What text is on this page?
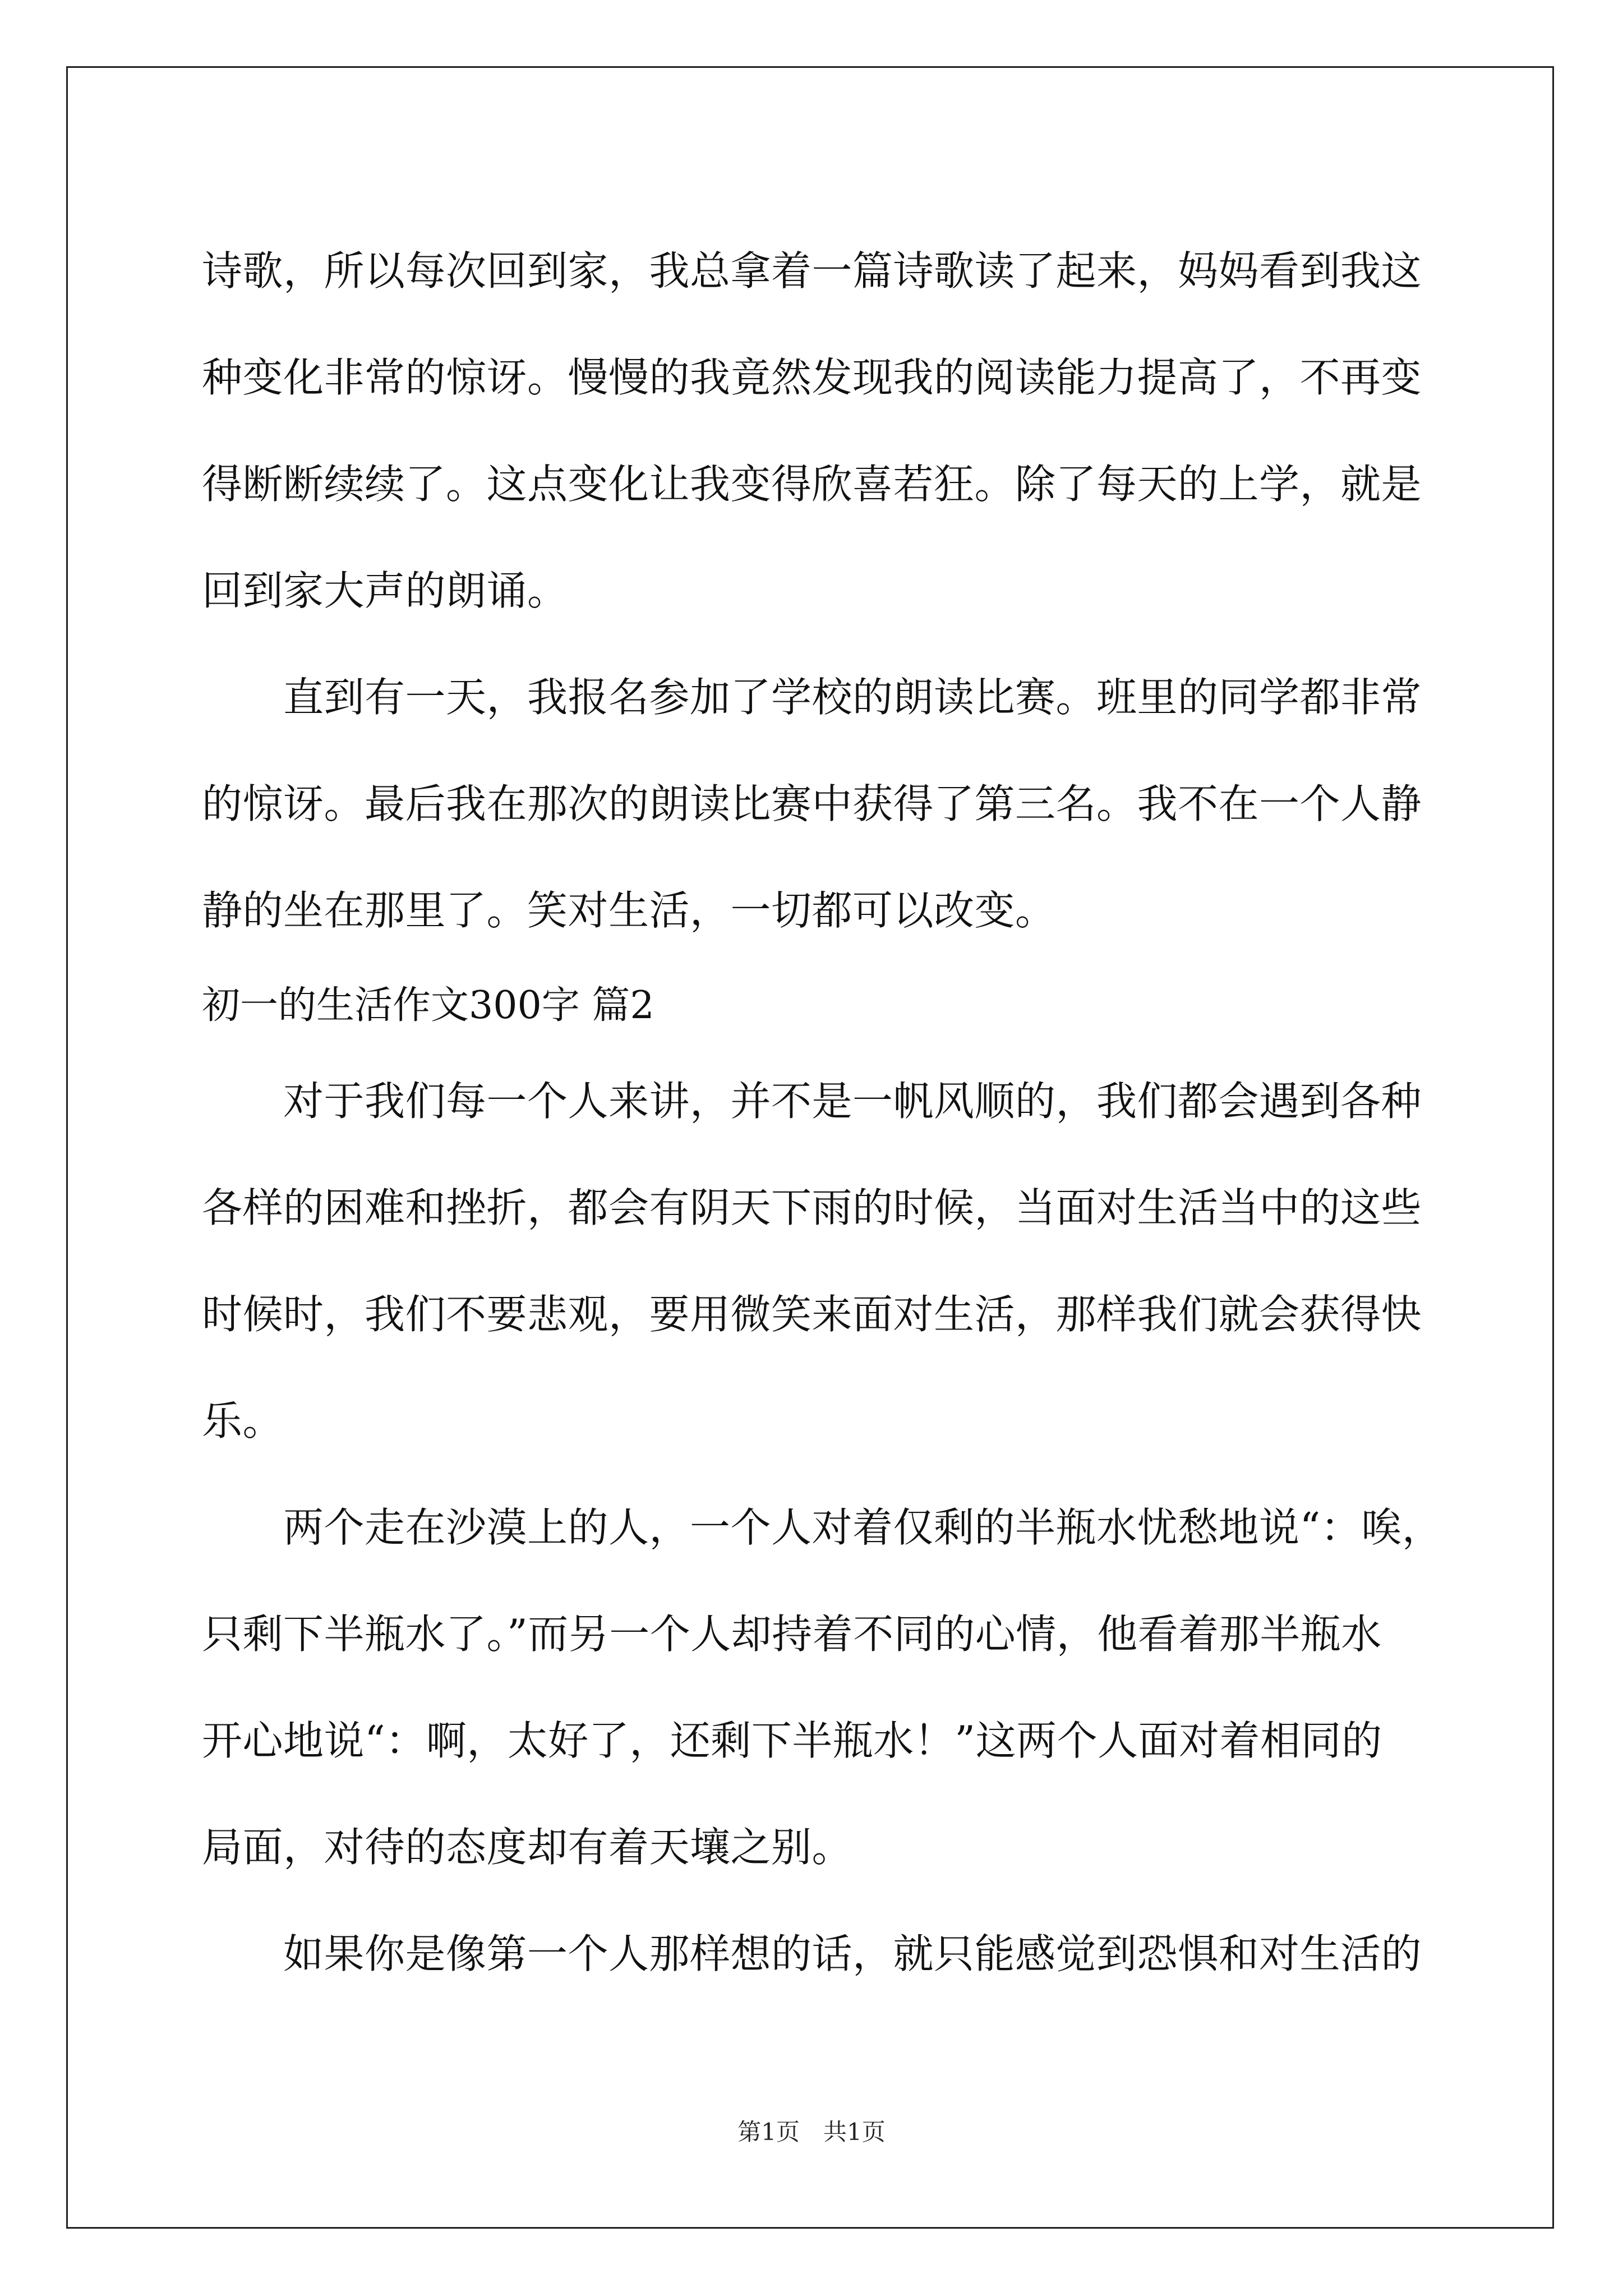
诗歌，所以每次回到家，我总拿着一篇诗歌读了起来，妈妈看到我这
种变化非常的惊讶。慢慢的我竟然发现我的阅读能力提高了，不再变
得断断续续了。这点变化让我变得欣喜若狂。除了每天的上学，就是
回到家大声的朗诵。
　　直到有一天，我报名参加了学校的朗读比赛。班里的同学都非常
的惊讶。最后我在那次的朗读比赛中获得了第三名。我不在一个人静
静的坐在那里了。笑对生活，一切都可以改变。
初一的生活作文300字 篇2
　　对于我们每一个人来讲，并不是一帆风顺的，我们都会遇到各种
各样的困难和挫折，都会有阴天下雨的时候，当面对生活当中的这些
时候时，我们不要悲观，要用微笑来面对生活，那样我们就会获得快
乐。
　　两个走在沙漠上的人，一个人对着仅剩的半瓶水忧愁地说“：唉，
只剩下半瓶水了。”而另一个人却持着不同的心情，他看着那半瓶水
开心地说“：啊，太好了，还剩下半瓶水！”这两个人面对着相同的
局面，对待的态度却有着天壤之别。
　　如果你是像第一个人那样想的话，就只能感觉到恐惧和对生活的
第1页　共1页
